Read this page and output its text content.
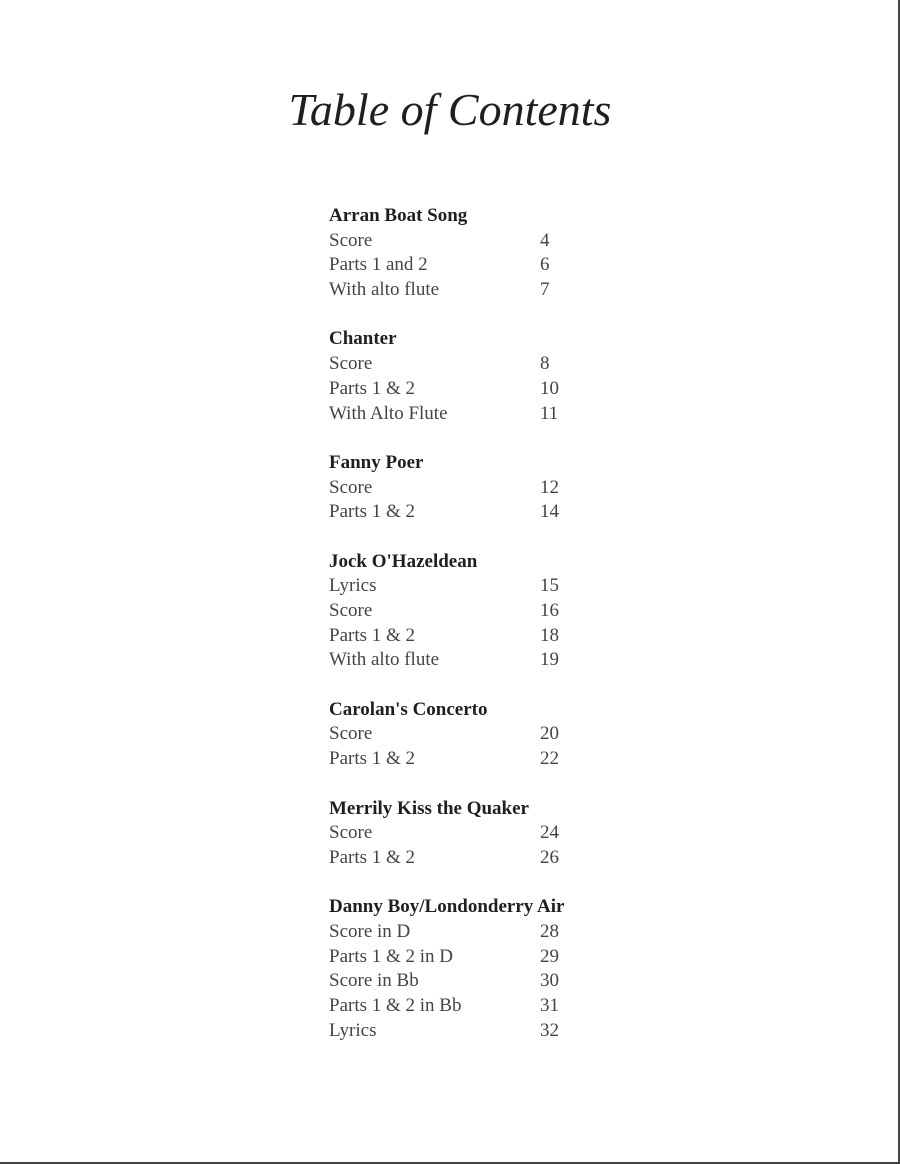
Table of Contents
Arran Boat Song
Score	4
Parts 1 and 2	6
With alto flute	7
Chanter
Score	8
Parts 1 & 2	10
With Alto Flute	11
Fanny Poer
Score	12
Parts 1 & 2	14
Jock O'Hazeldean
Lyrics	15
Score	16
Parts 1 & 2	18
With alto flute	19
Carolan's Concerto
Score	20
Parts 1 & 2	22
Merrily Kiss the Quaker
Score	24
Parts 1 & 2	26
Danny Boy/Londonderry Air
Score in D	28
Parts 1 & 2 in D	29
Score in Bb	30
Parts 1 & 2 in Bb	31
Lyrics	32
